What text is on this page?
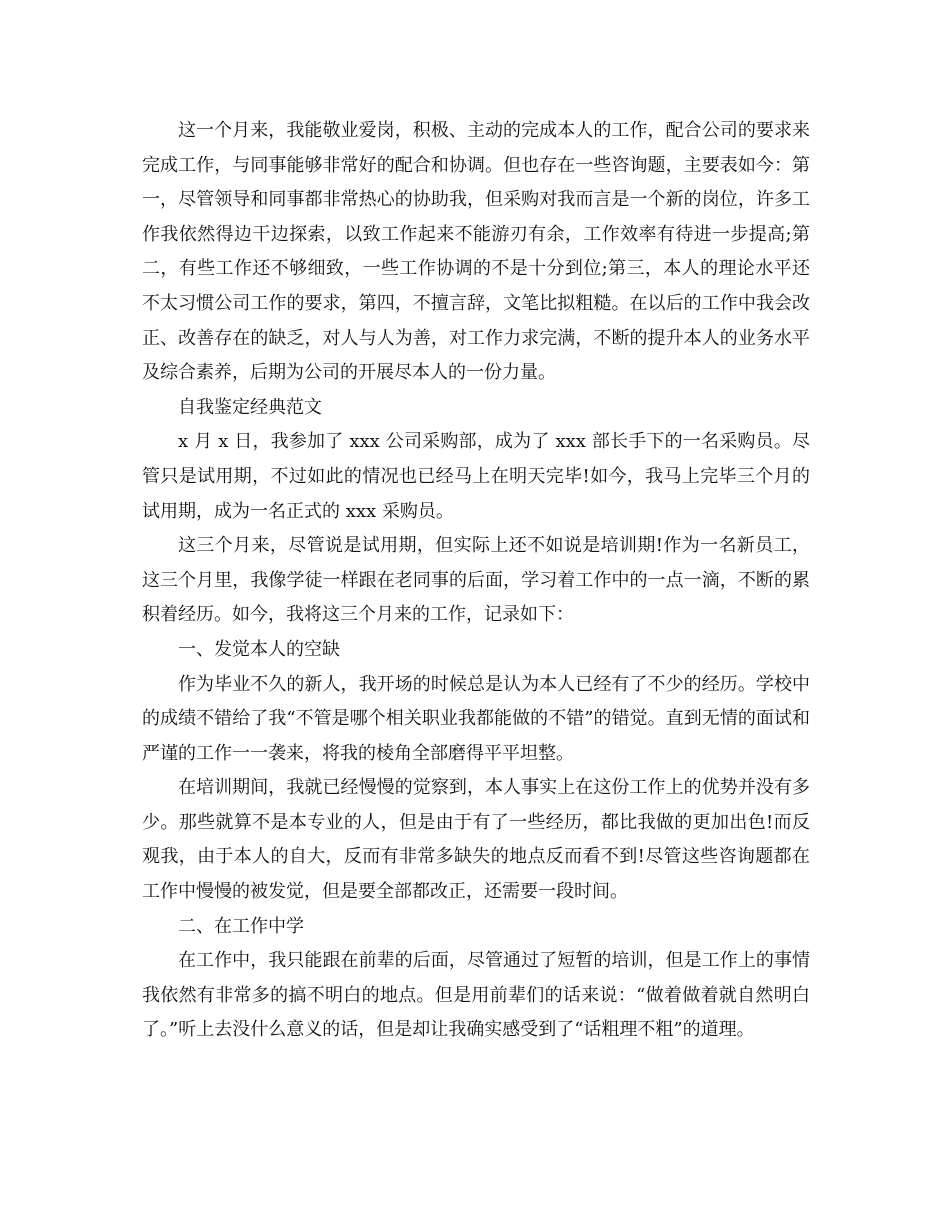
这一个月来，我能敬业爱岗，积极、主动的完成本人的工作，配合公司的要求来完成工作，与同事能够非常好的配合和协调。但也存在一些咨询题，主要表如今：第一，尽管领导和同事都非常热心的协助我，但采购对我而言是一个新的岗位，许多工作我依然得边干边探索，以致工作起来不能游刃有余，工作效率有待进一步提高;第二，有些工作还不够细致，一些工作协调的不是十分到位;第三，本人的理论水平还不太习惯公司工作的要求，第四，不擅言辞，文笔比拟粗糙。在以后的工作中我会改正、改善存在的缺乏，对人与人为善，对工作力求完满，不断的提升本人的业务水平及综合素养，后期为公司的开展尽本人的一份力量。

自我鉴定经典范文

x 月 x 日，我参加了 xxx 公司采购部，成为了 xxx 部长手下的一名采购员。尽管只是试用期，不过如此的情况也已经马上在明天完毕!如今，我马上完毕三个月的试用期，成为一名正式的 xxx 采购员。

这三个月来，尽管说是试用期，但实际上还不如说是培训期!作为一名新员工，这三个月里，我像学徒一样跟在老同事的后面，学习着工作中的一点一滴，不断的累积着经历。如今，我将这三个月来的工作，记录如下：

一、发觉本人的空缺

作为毕业不久的新人，我开场的时候总是认为本人已经有了不少的经历。学校中的成绩不错给了我“不管是哪个相关职业我都能做的不错”的错觉。直到无情的面试和严谨的工作一一袭来，将我的棱角全部磨得平平坦整。

在培训期间，我就已经慢慢的觉察到，本人事实上在这份工作上的优势并没有多少。那些就算不是本专业的人，但是由于有了一些经历，都比我做的更加出色!而反观我，由于本人的自大，反而有非常多缺失的地点反而看不到!尽管这些咨询题都在工作中慢慢的被发觉，但是要全部都改正，还需要一段时间。

二、在工作中学

在工作中，我只能跟在前辈的后面，尽管通过了短暂的培训，但是工作上的事情我依然有非常多的搞不明白的地点。但是用前辈们的话来说：“做着做着就自然明白了。”听上去没什么意义的话，但是却让我确实感受到了“话粗理不粗”的道理。
